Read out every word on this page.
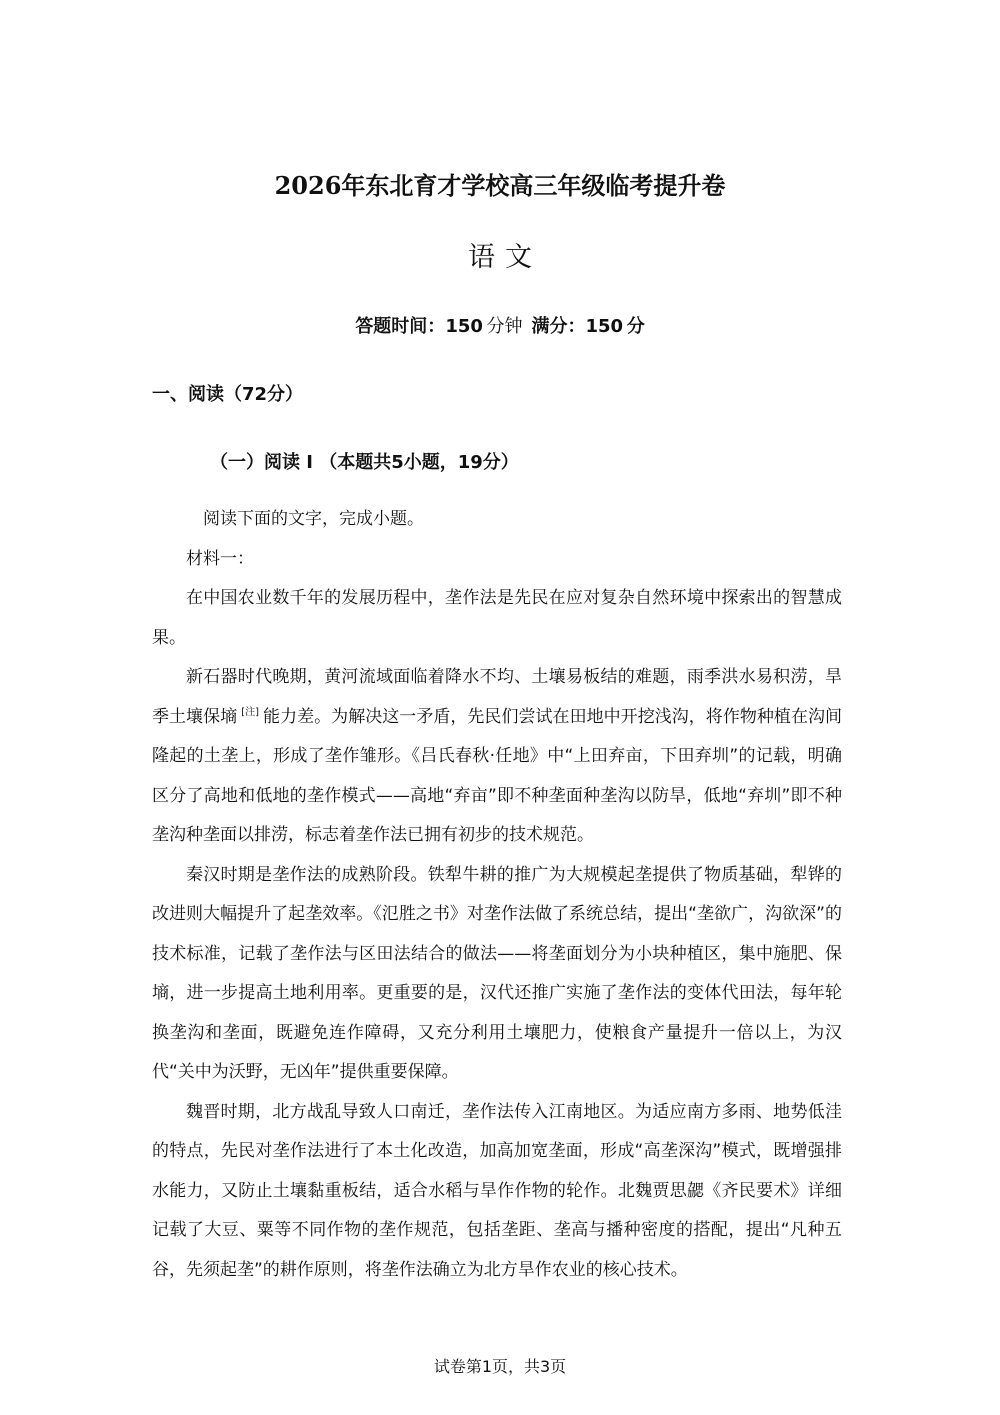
2026年东北育才学校高三年级临考提升卷
语文
答题时间：150  分钟  满分：150  分
一、阅读（72分）
（一）阅读 I （本题共5小题，19分）

阅读下面的文字，完成小题。

材料一：

在中国农业数千年的发展历程中，垄作法是先民在应对复杂自然环境中探索出的智慧成果。

新石器时代晚期，黄河流域面临着降水不均、土壤易板结的难题，雨季洪水易积涝，旱季土壤保墒 [注] 能力差。为解决这一矛盾，先民们尝试在田地中开挖浅沟，将作物种植在沟间隆起的土垄上，形成了垄作雏形。《吕氏春秋·任地》中“上田弃亩，下田弃圳”的记载，明确区分了高地和低地的垄作模式——高地“弃亩”即不种垄面种垄沟以防旱，低地“弃圳”即不种垄沟种垄面以排涝，标志着垄作法已拥有初步的技术规范。

秦汉时期是垄作法的成熟阶段。铁犁牛耕的推广为大规模起垄提供了物质基础，犁铧的改进则大幅提升了起垄效率。《氾胜之书》对垄作法做了系统总结，提出“垄欲广，沟欲深”的技术标准，记载了垄作法与区田法结合的做法——将垄面划分为小块种植区，集中施肥、保墒，进一步提高土地利用率。更重要的是，汉代还推广实施了垄作法的变体代田法，每年轮换垄沟和垄面，既避免连作障碍，又充分利用土壤肥力，使粮食产量提升一倍以上，为汉代“关中为沃野，无凶年”提供重要保障。

魏晋时期，北方战乱导致人口南迁，垄作法传入江南地区。为适应南方多雨、地势低洼的特点，先民对垄作法进行了本土化改造，加高加宽垄面，形成“高垄深沟”模式，既增强排水能力，又防止土壤黏重板结，适合水稻与旱作作物的轮作。北魏贾思勰《齐民要术》详细记载了大豆、粟等不同作物的垄作规范，包括垄距、垄高与播种密度的搭配，提出“凡种五谷，先须起垄”的耕作原则，将垄作法确立为北方旱作农业的核心技术。

试卷第1页，共3页
